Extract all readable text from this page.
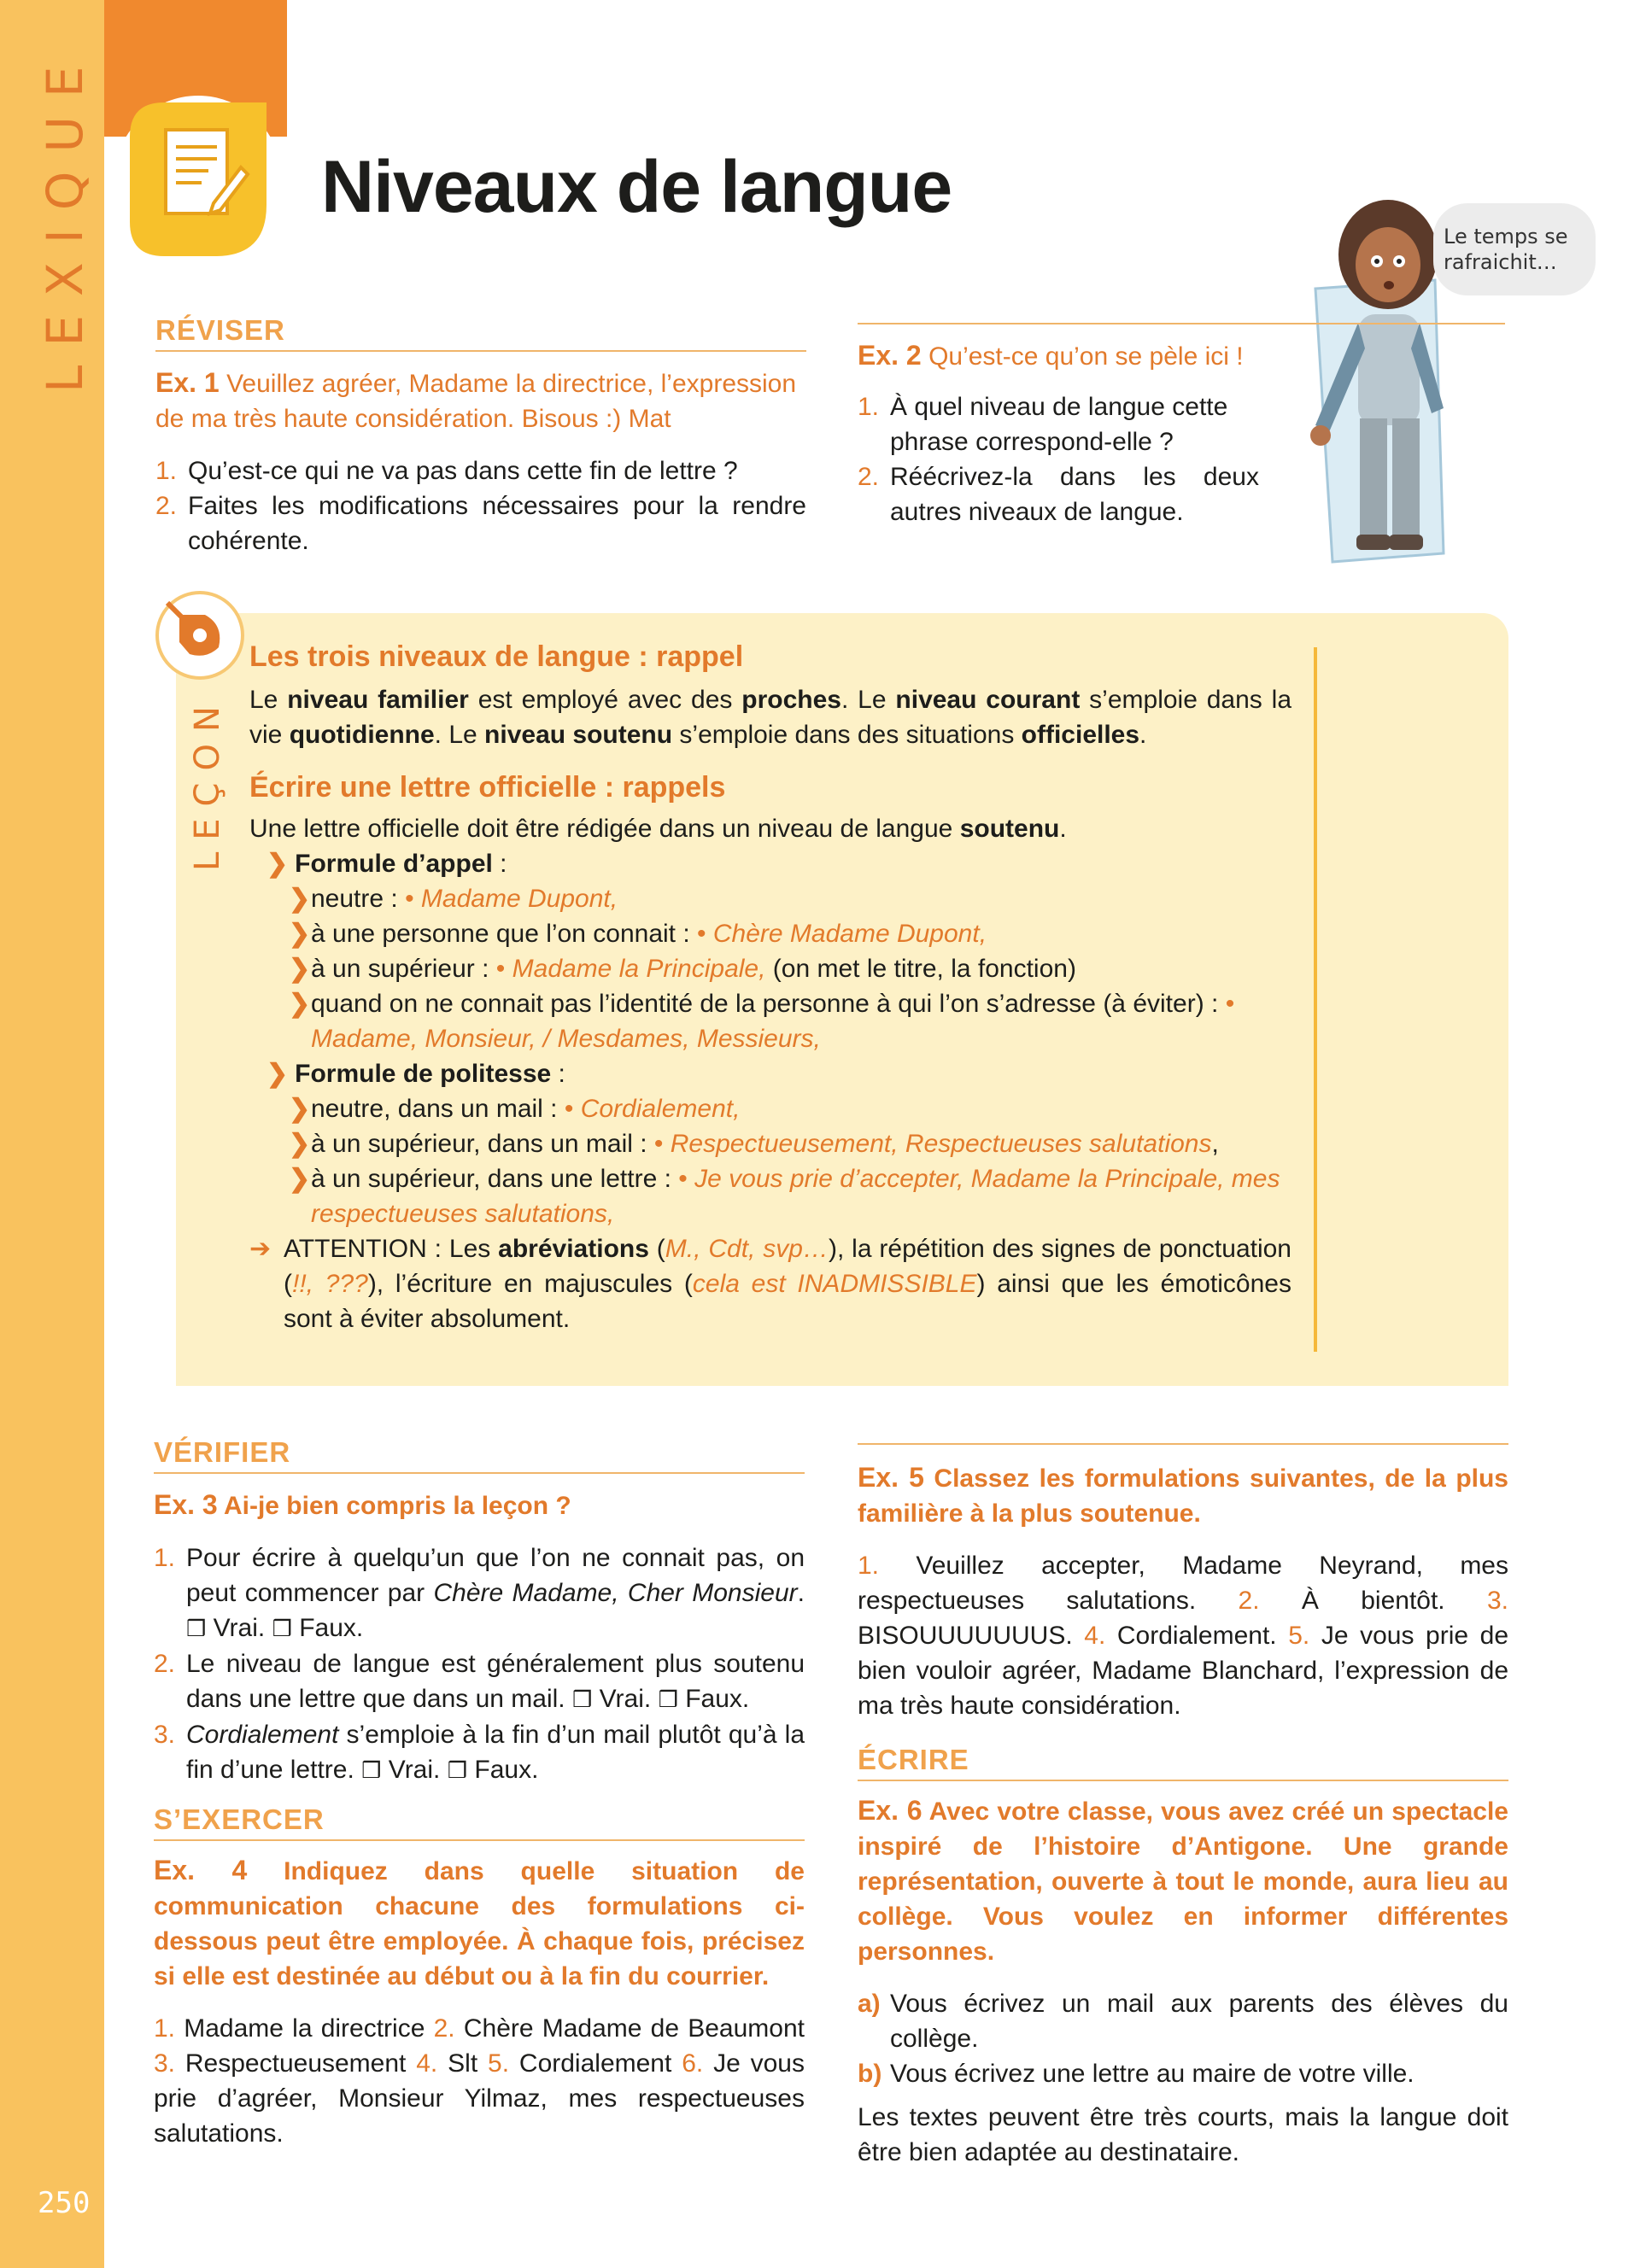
LEXIQUE
250
Niveaux de langue
Le temps se rafraichit…
RÉVISER
Ex. 1 Veuillez agréer, Madame la directrice, l’expression de ma très haute considération. Bisous :) Mat
1. Qu’est-ce qui ne va pas dans cette fin de lettre ?
2. Faites les modifications nécessaires pour la rendre cohérente.
Ex. 2 Qu’est-ce qu’on se pèle ici !
1. À quel niveau de langue cette phrase correspond-elle ?
2. Réécrivez-la dans les deux autres niveaux de langue.
LEÇON
Les trois niveaux de langue : rappel
Le niveau familier est employé avec des proches. Le niveau courant s’emploie dans la vie quotidienne. Le niveau soutenu s’emploie dans des situations officielles.
Écrire une lettre officielle : rappels
Une lettre officielle doit être rédigée dans un niveau de langue soutenu.
❯ Formule d’appel :
❯ neutre : • Madame Dupont,
❯ à une personne que l’on connait : • Chère Madame Dupont,
❯ à un supérieur : • Madame la Principale, (on met le titre, la fonction)
❯ quand on ne connait pas l’identité de la personne à qui l’on s’adresse (à éviter) : • Madame, Monsieur, / Mesdames, Messieurs,
❯ Formule de politesse :
❯ neutre, dans un mail : • Cordialement,
❯ à un supérieur, dans un mail : • Respectueusement, Respectueuses salutations,
❯ à un supérieur, dans une lettre : • Je vous prie d’accepter, Madame la Principale, mes respectueuses salutations,
➔ ATTENTION : Les abréviations (M., Cdt, svp…), la répétition des signes de ponctuation (!!, ???), l’écriture en majuscules (cela est INADMISSIBLE) ainsi que les émoticônes sont à éviter absolument.
VÉRIFIER
Ex. 3 Ai-je bien compris la leçon ?
1. Pour écrire à quelqu’un que l’on ne connait pas, on peut commencer par Chère Madame, Cher Monsieur. ❒ Vrai. ❒ Faux.
2. Le niveau de langue est généralement plus soutenu dans une lettre que dans un mail. ❒ Vrai. ❒ Faux.
3. Cordialement s’emploie à la fin d’un mail plutôt qu’à la fin d’une lettre. ❒ Vrai. ❒ Faux.
S’EXERCER
Ex. 4 Indiquez dans quelle situation de communication chacune des formulations ci-dessous peut être employée. À chaque fois, précisez si elle est destinée au début ou à la fin du courrier.
1. Madame la directrice 2. Chère Madame de Beaumont 3. Respectueusement 4. Slt 5. Cordialement 6. Je vous prie d’agréer, Monsieur Yilmaz, mes respectueuses salutations.
Ex. 5 Classez les formulations suivantes, de la plus familière à la plus soutenue.
1. Veuillez accepter, Madame Neyrand, mes respectueuses salutations. 2. À bientôt. 3. BISOUUUUUUUS. 4. Cordialement. 5. Je vous prie de bien vouloir agréer, Madame Blanchard, l’expression de ma très haute considération.
ÉCRIRE
Ex. 6 Avec votre classe, vous avez créé un spectacle inspiré de l’histoire d’Antigone. Une grande représentation, ouverte à tout le monde, aura lieu au collège. Vous voulez en informer différentes personnes.
a) Vous écrivez un mail aux parents des élèves du collège.
b) Vous écrivez une lettre au maire de votre ville.
Les textes peuvent être très courts, mais la langue doit être bien adaptée au destinataire.
